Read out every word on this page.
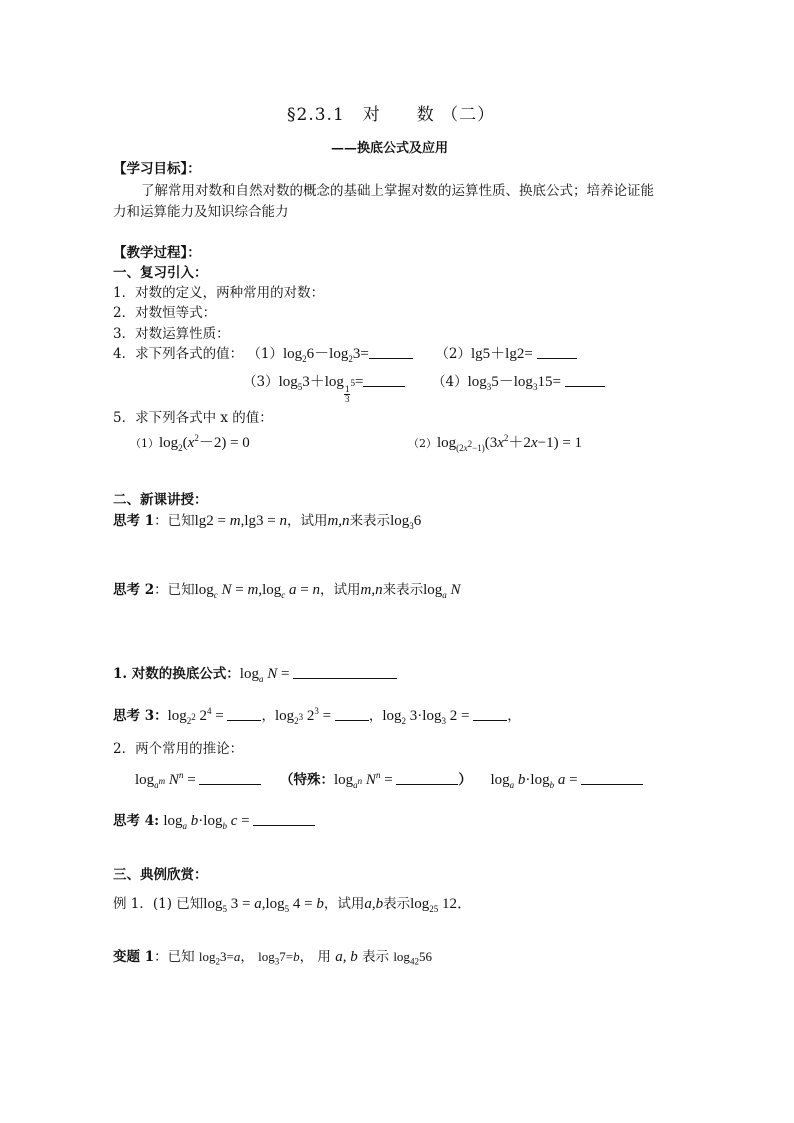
§2.3.1　对　　数 （二）
——换底公式及应用
【学习目标】：
了解常用对数和自然对数的概念的基础上掌握对数的运算性质、换底公式；培养论证能
力和运算能力及知识综合能力
【教学过程】：
一、复习引入：
1．对数的定义，两种常用的对数：
2．对数恒等式：
3．对数运算性质：
4．求下列各式的值： $(1)\log_26-\log_23=$	（2）lg5＋lg2=
$(3)\log_53+\log$
$_{\frac{1}{3}}$
5=	$(4)\log_35-\log_315=$
5．求下列各式中 x 的值：
$(1)\log_2(x^2-2) = 0$	$(2)\log_{(2x^2-1)}(3x^2+2x-1) = 1$
二、新课讲授：
思考 1：已知lg2 = m,lg3 = n，试用m,n来表示$\log_36$
思考 2：已知$\log_c N = m,\log_c$ a = n，试用m,n来表示$\log_a N$
1. 对数的换底公式：$\log_a N$ =
思考 3：$\log_{2^2} 2^4$ =	，$\log_{2^3} 2^3$ =	，$\log_2 3\cdot\log_3$ 2 =	，
2．两个常用的推论：
$\log_{a^m} N^n$ =	（特殊：$\log_{a^n} N^n$ =	） $\log_a b\cdot\log_b$ a =
思考 4: $\log_a b\cdot\log_b$ c =
三、典例欣赏：
例 1．(1) 已知$\log_5 3 = a,\log_5$ 4 = b，试用a,b表示$\log_{25} 12$．
变题 1：已知 $\log_23=a$， $\log_37=b$， 用 a, b 表示 $\log_{42}56$
